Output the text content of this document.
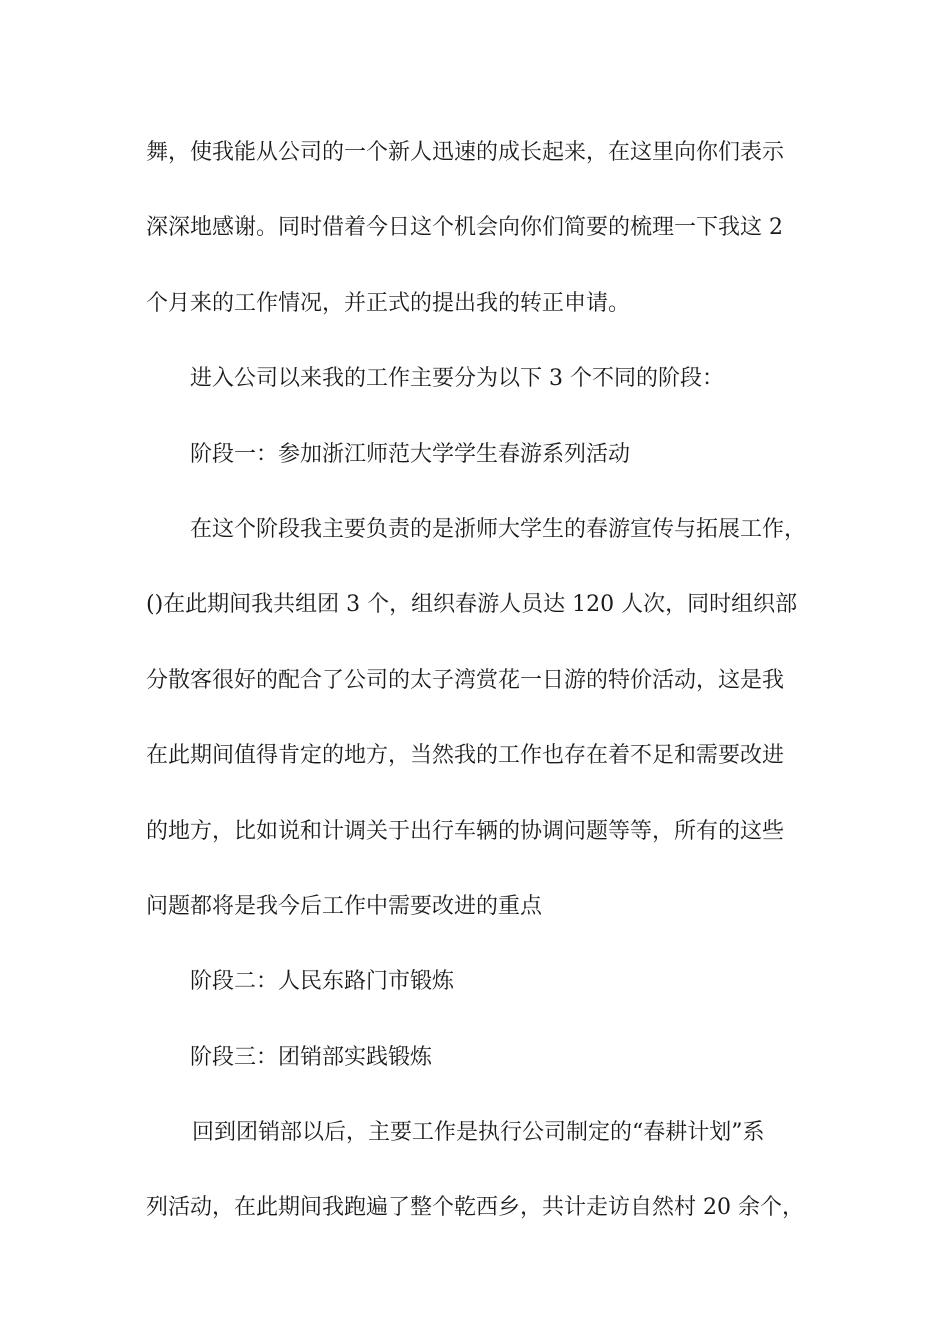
舞，使我能从公司的一个新人迅速的成长起来，在这里向你们表示
深深地感谢。同时借着今日这个机会向你们简要的梳理一下我这 2
个月来的工作情况，并正式的提出我的转正申请。
进入公司以来我的工作主要分为以下 3 个不同的阶段：
阶段一：参加浙江师范大学学生春游系列活动
在这个阶段我主要负责的是浙师大学生的春游宣传与拓展工作，
()在此期间我共组团 3 个，组织春游人员达 120 人次，同时组织部
分散客很好的配合了公司的太子湾赏花一日游的特价活动，这是我
在此期间值得肯定的地方，当然我的工作也存在着不足和需要改进
的地方，比如说和计调关于出行车辆的协调问题等等，所有的这些
问题都将是我今后工作中需要改进的重点
阶段二：人民东路门市锻炼
阶段三：团销部实践锻炼
回到团销部以后，主要工作是执行公司制定的“春耕计划”系
列活动，在此期间我跑遍了整个乾西乡，共计走访自然村 20 余个，
